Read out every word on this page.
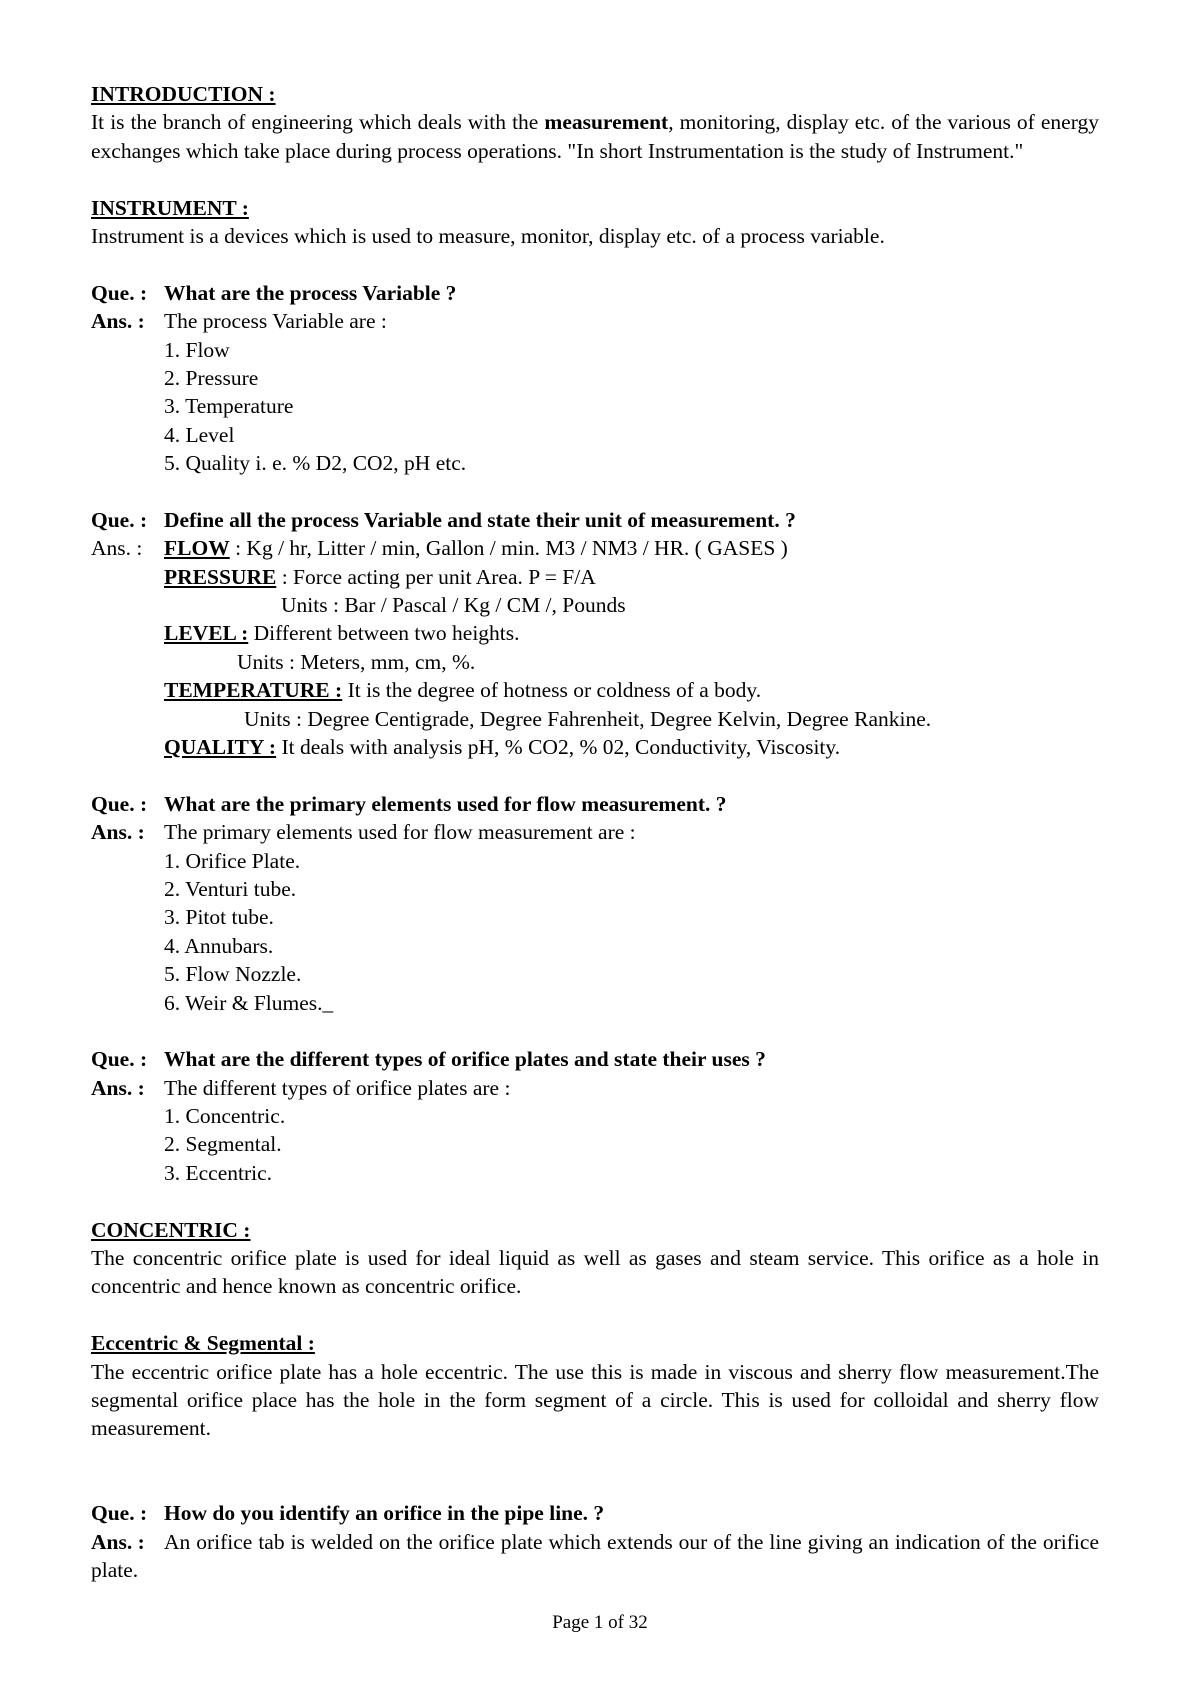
INTRODUCTION :
It is the branch of engineering which deals with the measurement, monitoring, display etc. of the various of energy exchanges which take place during process operations. "In short Instrumentation is the study of Instrument."
INSTRUMENT :
Instrument is a devices which is used to measure, monitor, display etc. of a process variable.
Que. : What are the process Variable ?
Ans. : The process Variable are :
1. Flow
2. Pressure
3. Temperature
4. Level
5. Quality i. e. % D2, CO2, pH etc.
Que. : Define all the process Variable and state their unit of measurement. ?
Ans. :	FLOW : Kg / hr, Litter / min, Gallon / min. M3 / NM3 / HR. ( GASES )
PRESSURE : Force acting per unit Area. P = F/A
Units : Bar / Pascal / Kg / CM /, Pounds
LEVEL : Different between two heights.
Units : Meters, mm, cm, %.
TEMPERATURE : It is the degree of hotness or coldness of a body.
Units : Degree Centigrade, Degree Fahrenheit, Degree Kelvin, Degree Rankine.
QUALITY : It deals with analysis pH, % CO2, % 02, Conductivity, Viscosity.
Que. : What are the primary elements used for flow measurement. ?
Ans. : The primary elements used for flow measurement are :
1. Orifice Plate.
2. Venturi tube.
3. Pitot tube.
4. Annubars.
5. Flow Nozzle.
6. Weir & Flumes._
Que. : What are the different types of orifice plates and state their uses ?
Ans. : The different types of orifice plates are :
1. Concentric.
2. Segmental.
3. Eccentric.
CONCENTRIC :
The concentric orifice plate is used for ideal liquid as well as gases and steam service. This orifice as a hole in concentric and hence known as concentric orifice.
Eccentric & Segmental :
The eccentric orifice plate has a hole eccentric. The use this is made in viscous and sherry flow measurement.The segmental orifice place has the hole in the form segment of a circle. This is used for colloidal and sherry flow measurement.
Que. : How do you identify an orifice in the pipe line. ?
Ans. : An orifice tab is welded on the orifice plate which extends our of the line giving an indication of the orifice plate.
Page 1 of 32
